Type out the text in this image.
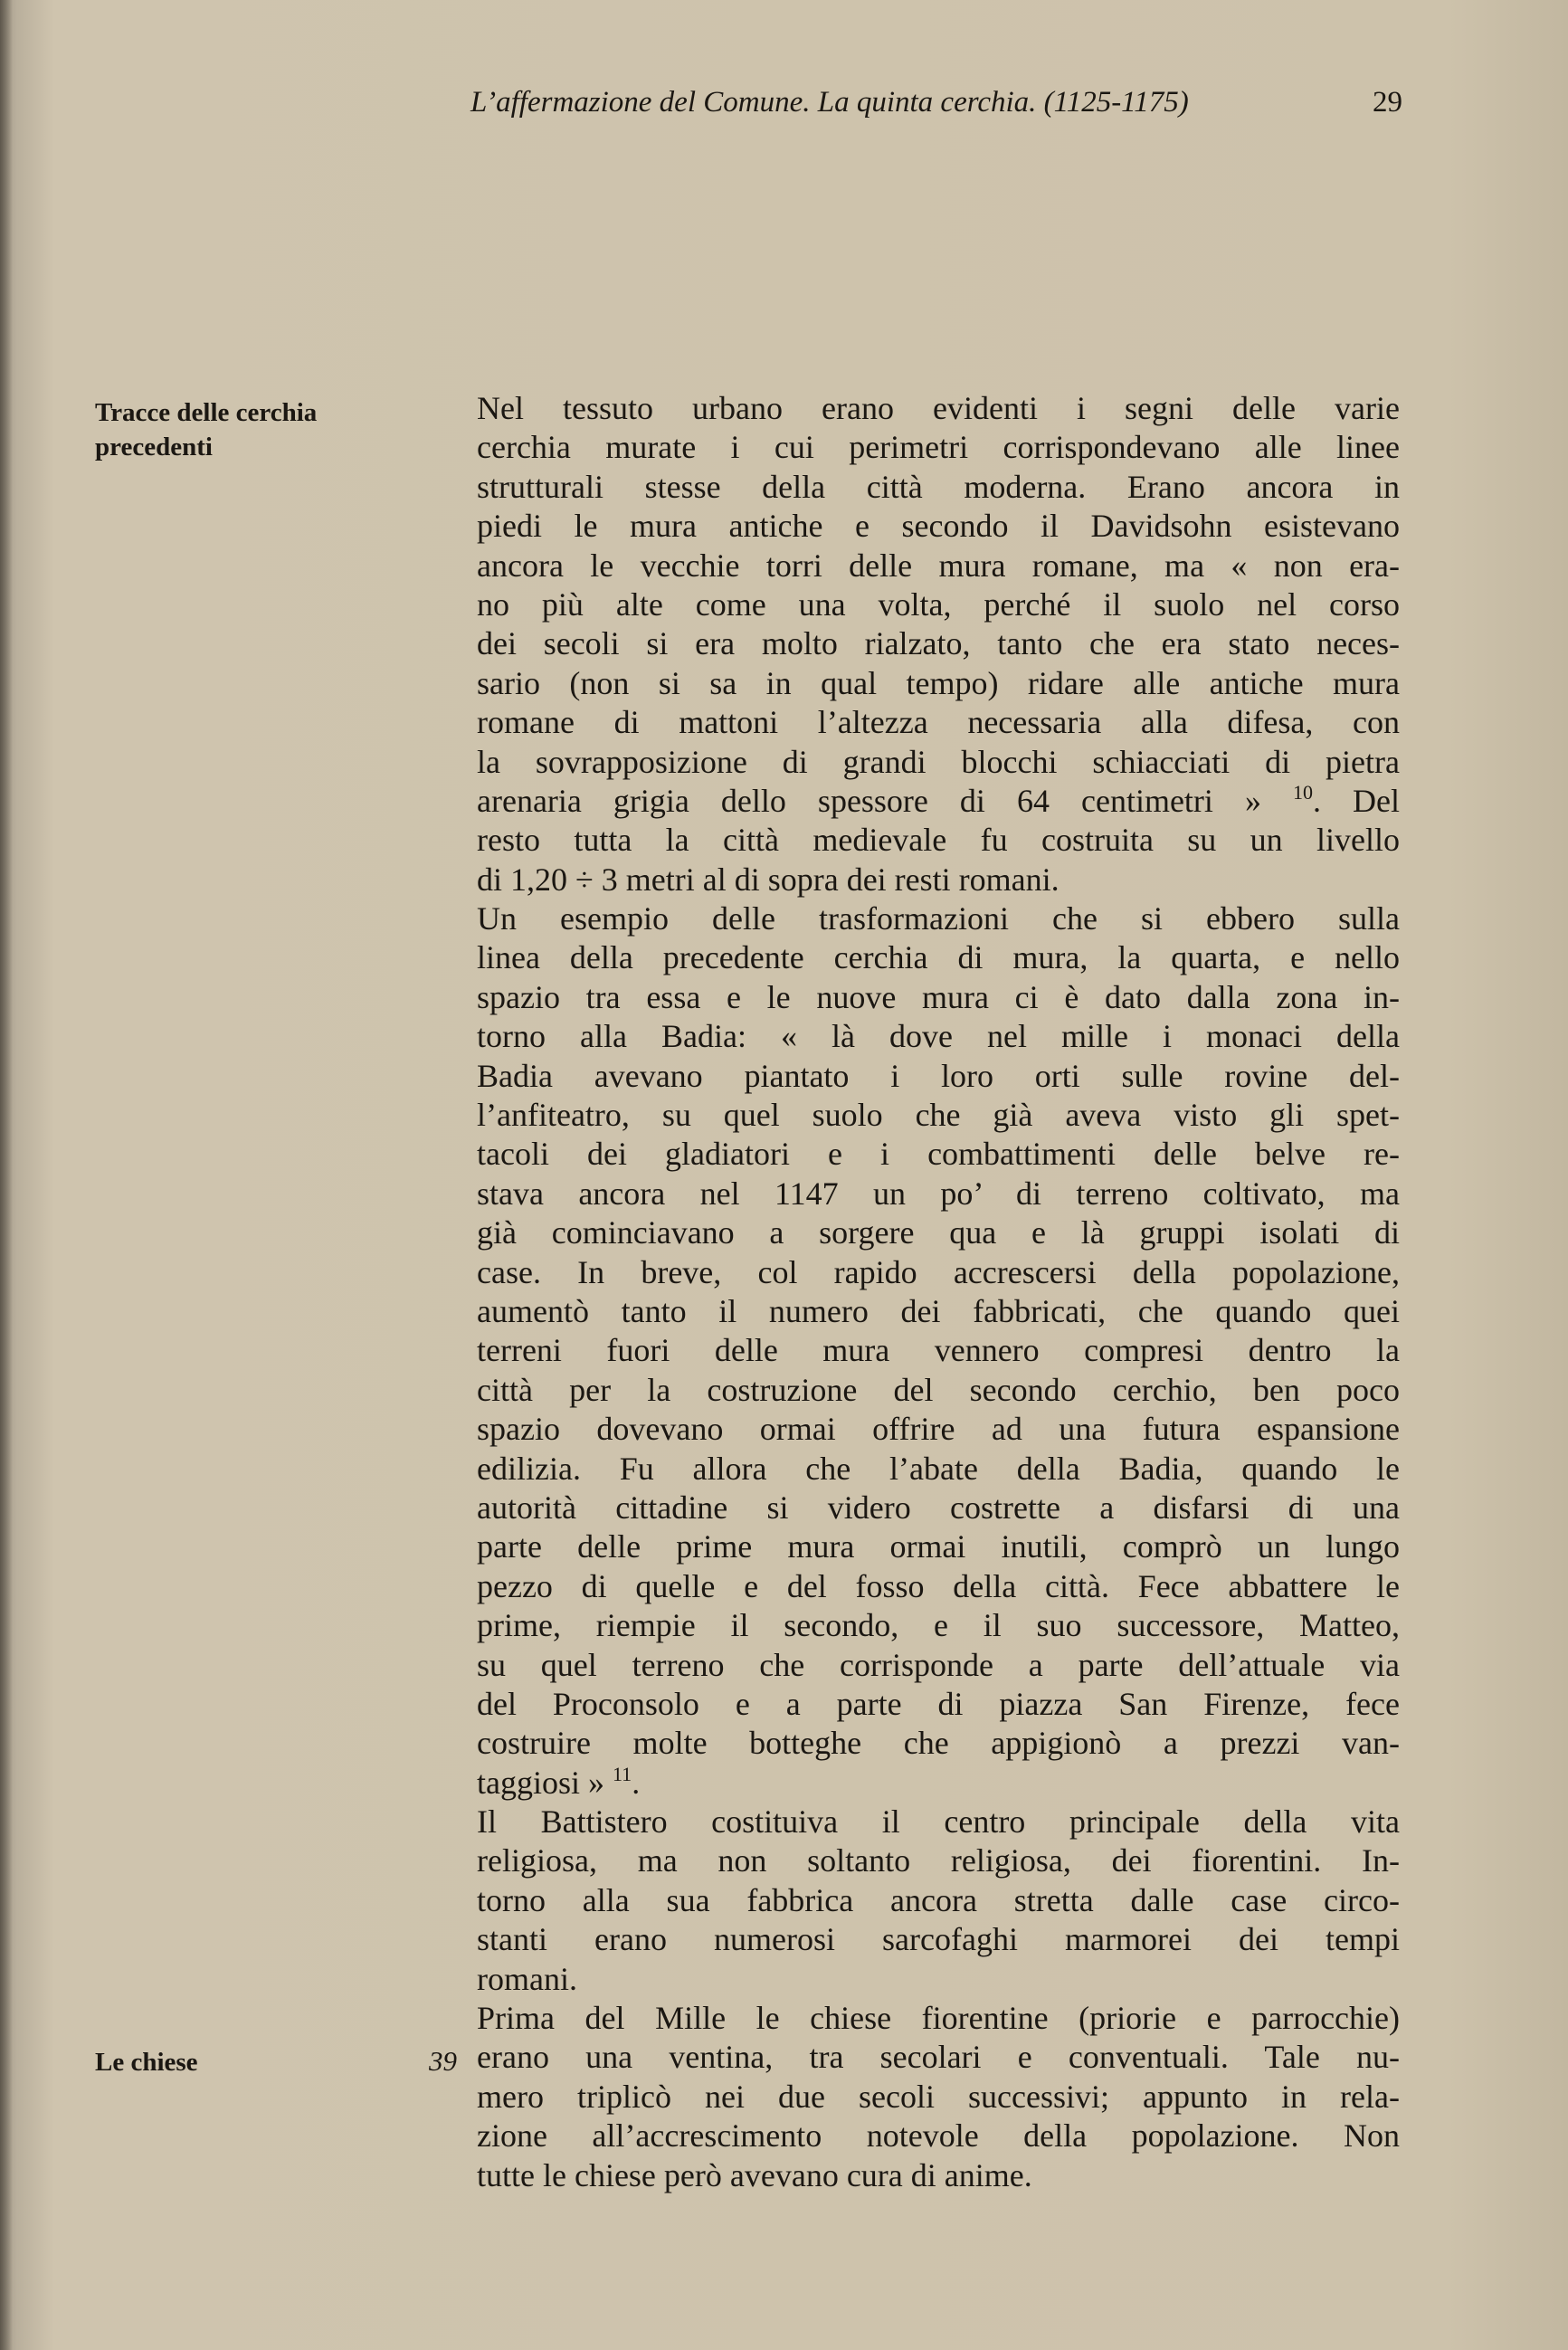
L’affermazione del Comune. La quinta cerchia. (1125-1175)	29
Tracce delle cerchia
precedenti
Le chiese	39
Nel tessuto urbano erano evidenti i segni delle varie
cerchia murate i cui perimetri corrispondevano alle linee
strutturali stesse della città moderna. Erano ancora in
piedi le mura antiche e secondo il Davidsohn esistevano
ancora le vecchie torri delle mura romane, ma « non era-
no più alte come una volta, perché il suolo nel corso
dei secoli si era molto rialzato, tanto che era stato neces-
sario (non si sa in qual tempo) ridare alle antiche mura
romane di mattoni l’altezza necessaria alla difesa, con
la sovrapposizione di grandi blocchi schiacciati di pietra
arenaria grigia dello spessore di 64 centimetri » $^{10}$. Del
resto tutta la città medievale fu costruita su un livello
di 1,20 ÷ 3 metri al di sopra dei resti romani.
Un esempio delle trasformazioni che si ebbero sulla
linea della precedente cerchia di mura, la quarta, e nello
spazio tra essa e le nuove mura ci è dato dalla zona in-
torno alla Badia: « là dove nel mille i monaci della
Badia avevano piantato i loro orti sulle rovine del-
l’anfiteatro, su quel suolo che già aveva visto gli spet-
tacoli dei gladiatori e i combattimenti delle belve re-
stava ancora nel 1147 un po’ di terreno coltivato, ma
già cominciavano a sorgere qua e là gruppi isolati di
case. In breve, col rapido accrescersi della popolazione,
aumentò tanto il numero dei fabbricati, che quando quei
terreni fuori delle mura vennero compresi dentro la
città per la costruzione del secondo cerchio, ben poco
spazio dovevano ormai offrire ad una futura espansione
edilizia. Fu allora che l’abate della Badia, quando le
autorità cittadine si videro costrette a disfarsi di una
parte delle prime mura ormai inutili, comprò un lungo
pezzo di quelle e del fosso della città. Fece abbattere le
prime, riempie il secondo, e il suo successore, Matteo,
su quel terreno che corrisponde a parte dell’attuale via
del Proconsolo e a parte di piazza San Firenze, fece
costruire molte botteghe che appigionò a prezzi van-
taggiosi » $^{11}$.
Il Battistero costituiva il centro principale della vita
religiosa, ma non soltanto religiosa, dei fiorentini. In-
torno alla sua fabbrica ancora stretta dalle case circo-
stanti erano numerosi sarcofaghi marmorei dei tempi
romani.
Prima del Mille le chiese fiorentine (priorie e parrocchie)
erano una ventina, tra secolari e conventuali. Tale nu-
mero triplicò nei due secoli successivi; appunto in rela-
zione all’accrescimento notevole della popolazione. Non
tutte le chiese però avevano cura di anime.
